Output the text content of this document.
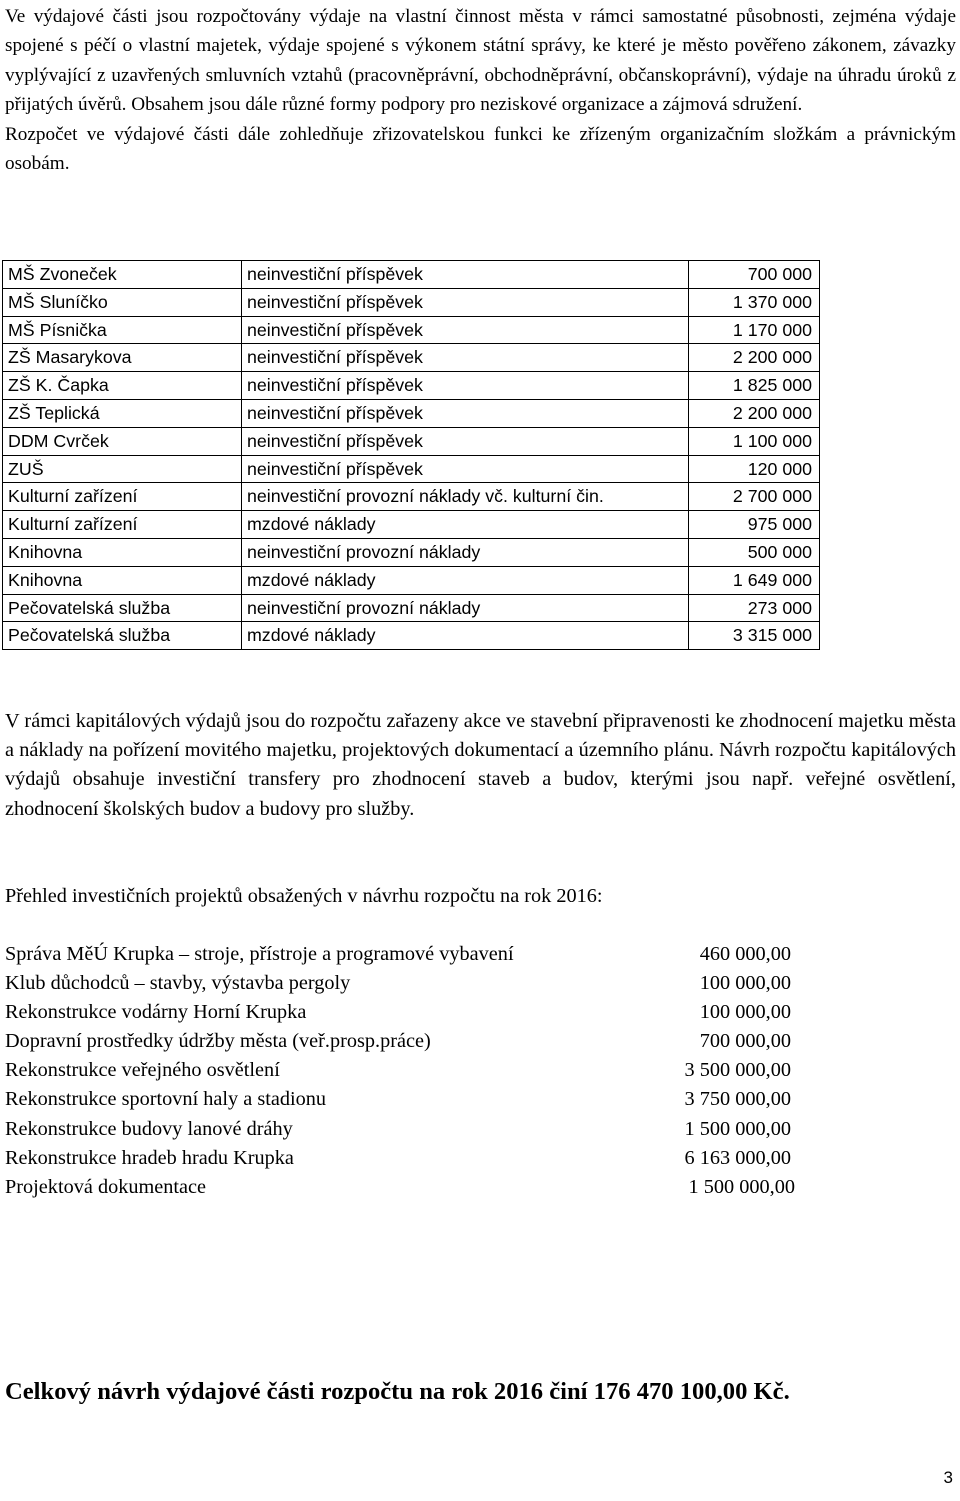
Ve výdajové části jsou rozpočtovány výdaje na vlastní činnost města v rámci samostatné působnosti, zejména výdaje spojené s péčí o vlastní majetek, výdaje spojené s výkonem státní správy, ke které je město pověřeno zákonem, závazky vyplývající z uzavřených smluvních vztahů (pracovněprávní, obchodněprávní, občanskoprávní), výdaje na úhradu úroků z přijatých úvěrů. Obsahem jsou dále různé formy podpory pro neziskové organizace a zájmová sdružení.

Rozpočet ve výdajové části dále zohledňuje zřizovatelskou funkci ke zřízeným organizačním složkám a právnickým osobám.

MŠ Zvoneček	neinvestiční příspěvek	700 000
MŠ Sluníčko	neinvestiční příspěvek	1 370 000
MŠ Písnička	neinvestiční příspěvek	1 170 000
ZŠ Masarykova	neinvestiční příspěvek	2 200 000
ZŠ K. Čapka	neinvestiční příspěvek	1 825 000
ZŠ Teplická	neinvestiční příspěvek	2 200 000
DDM Cvrček	neinvestiční příspěvek	1 100 000
ZUŠ	neinvestiční příspěvek	120 000
Kulturní zařízení	neinvestiční provozní náklady vč. kulturní čin.	2 700 000
Kulturní zařízení	mzdové náklady	975 000
Knihovna	neinvestiční provozní náklady	500 000
Knihovna	mzdové náklady	1 649 000
Pečovatelská služba	neinvestiční provozní náklady	273 000
Pečovatelská služba	mzdové náklady	3 315 000

V rámci kapitálových výdajů jsou do rozpočtu zařazeny akce ve stavební připravenosti ke zhodnocení majetku města a náklady na pořízení movitého majetku, projektových dokumentací a územního plánu. Návrh rozpočtu kapitálových výdajů obsahuje investiční transfery pro zhodnocení staveb a budov, kterými jsou např. veřejné osvětlení, zhodnocení školských budov a budovy pro služby.

Přehled investičních projektů obsažených v návrhu rozpočtu na rok 2016:

Správa MěÚ Krupka – stroje, přístroje a programové vybavení	460 000,00
Klub důchodců – stavby, výstavba pergoly	100 000,00
Rekonstrukce vodárny Horní Krupka	100 000,00
Dopravní prostředky údržby města (veř.prosp.práce)	700 000,00
Rekonstrukce veřejného osvětlení	3 500 000,00
Rekonstrukce sportovní haly a stadionu	3 750 000,00
Rekonstrukce budovy lanové dráhy	1 500 000,00
Rekonstrukce hradeb hradu Krupka	6 163 000,00
Projektová dokumentace	1 500 000,00

Celkový návrh výdajové části rozpočtu na rok 2016 činí 176 470 100,00 Kč.

3
